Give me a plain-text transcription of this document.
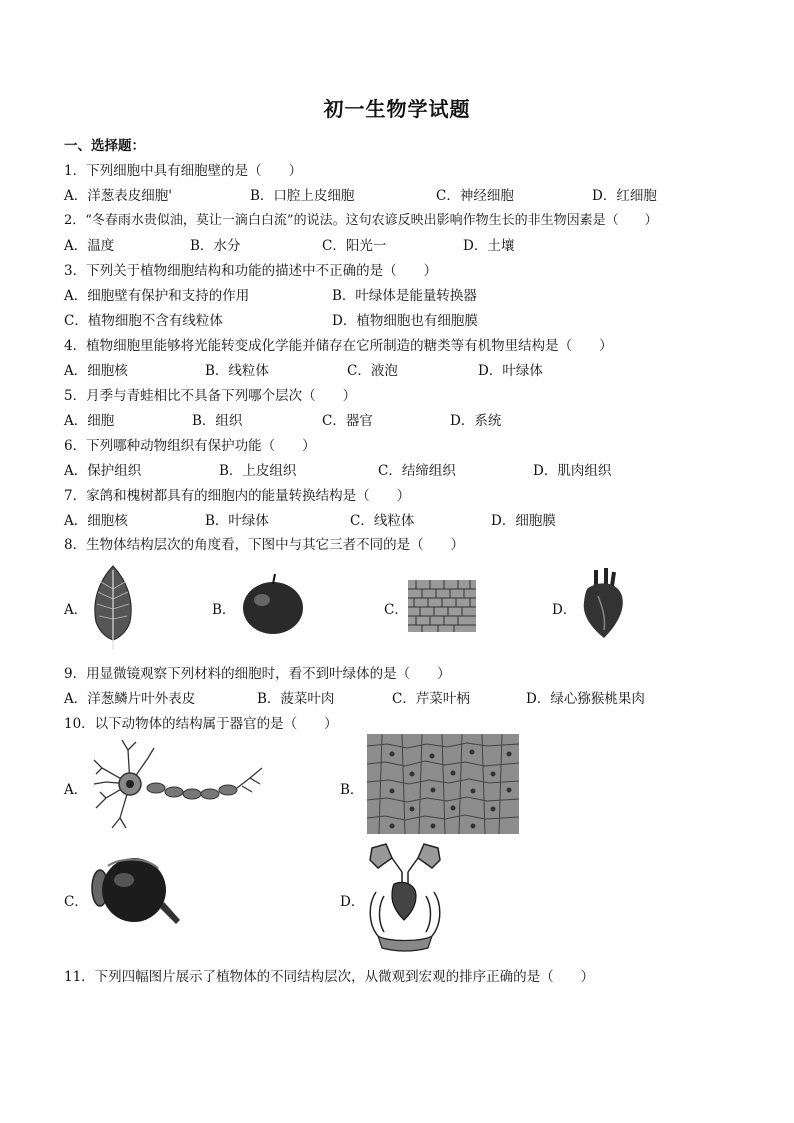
初一生物学试题
一、选择题：
1．下列细胞中具有细胞壁的是（　　）
A．洋葱表皮细胞'	B．口腔上皮细胞	C．神经细胞	D．红细胞
2．“冬春雨水贵似油，莫让一滴白白流”的说法。这句农谚反映出影响作物生长的非生物因素是（　　）
A．温度	B．水分	C．阳光一	D．土壤
3．下列关于植物细胞结构和功能的描述中不正确的是（　　）
A．细胞壁有保护和支持的作用	B．叶绿体是能量转换器
C．植物细胞不含有线粒体	D．植物细胞也有细胞膜
4．植物细胞里能够将光能转变成化学能并储存在它所制造的糖类等有机物里结构是（　　）
A．细胞核	B．线粒体	C．液泡	D．叶绿体
5．月季与青蛙相比不具备下列哪个层次（　　）
A．细胞	B．组织	C．器官	D．系统
6．下列哪种动物组织有保护功能（　　）
A．保护组织	B．上皮组织	C．结缔组织	D．肌肉组织
7．家鸽和槐树都具有的细胞内的能量转换结构是（　　）
A．细胞核	B．叶绿体	C．线粒体	D．细胞膜
8．生物体结构层次的角度看，下图中与其它三者不同的是（　　）
A．	B．	C．	D．
9．用显微镜观察下列材料的细胞时，看不到叶绿体的是（　　）
A．洋葱鳞片叶外表皮	B．菠菜叶肉	C．芹菜叶柄	D．绿心猕猴桃果肉
10．以下动物体的结构属于器官的是（　　）
A．	B．
C．	D．
11．下列四幅图片展示了植物体的不同结构层次，从微观到宏观的排序正确的是（　　）
